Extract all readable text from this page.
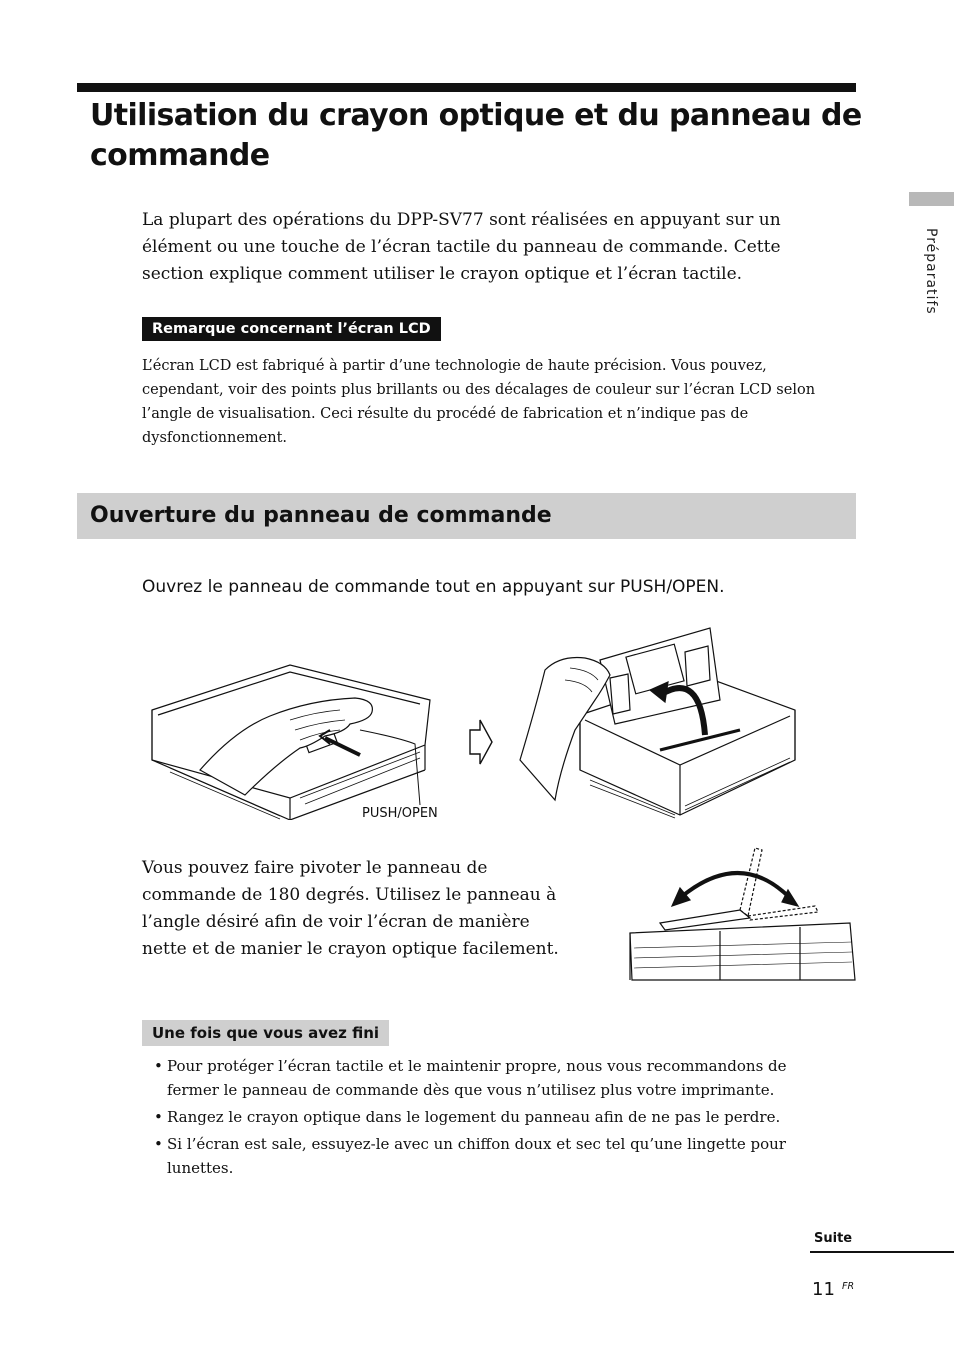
Utilisation du crayon optique et du panneau de commande
Préparatifs

La plupart des opérations du DPP-SV77 sont réalisées en appuyant sur un élément ou une touche de l’écran tactile du panneau de commande. Cette section explique comment utiliser le crayon optique et l’écran tactile.

Remarque concernant l’écran LCD

L’écran LCD est fabriqué à partir d’une technologie de haute précision. Vous pouvez, cependant, voir des points plus brillants ou des décalages de couleur sur l’écran LCD selon l’angle de visualisation. Ceci résulte du procédé de fabrication et n’indique pas de dysfonctionnement.

Ouverture du panneau de commande

Ouvrez le panneau de commande tout en appuyant sur PUSH/OPEN.

PUSH/OPEN

Vous pouvez faire pivoter le panneau de commande de 180 degrés. Utilisez le panneau à l’angle désiré afin de voir l’écran de manière nette et de manier le crayon optique facilement.

Une fois que vous avez fini
• Pour protéger l’écran tactile et le maintenir propre, nous vous recommandons de fermer le panneau de commande dès que vous n’utilisez plus votre imprimante.
• Rangez le crayon optique dans le logement du panneau afin de ne pas le perdre.
• Si l’écran est sale, essuyez-le avec un chiffon doux et sec tel qu’une lingette pour lunettes.
Suite
11 FR
